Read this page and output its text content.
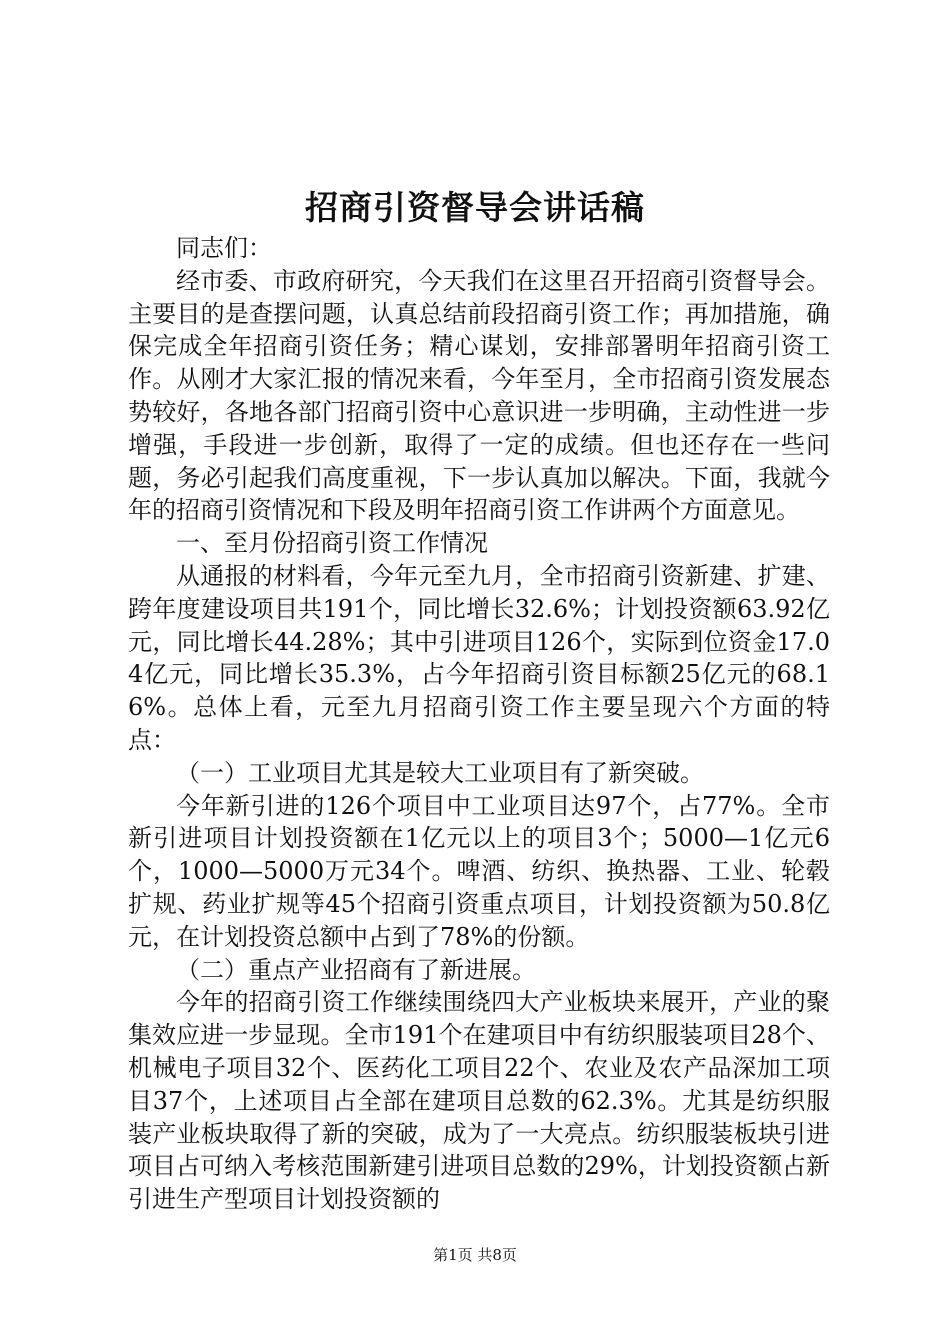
招商引资督导会讲话稿

同志们：

经市委、市政府研究，今天我们在这里召开招商引资督导会。主要目的是查摆问题，认真总结前段招商引资工作；再加措施，确保完成全年招商引资任务；精心谋划，安排部署明年招商引资工作。从刚才大家汇报的情况来看，今年至月，全市招商引资发展态势较好，各地各部门招商引资中心意识进一步明确，主动性进一步增强，手段进一步创新，取得了一定的成绩。但也还存在一些问题，务必引起我们高度重视，下一步认真加以解决。下面，我就今年的招商引资情况和下段及明年招商引资工作讲两个方面意见。

一、至月份招商引资工作情况

从通报的材料看，今年元至九月，全市招商引资新建、扩建、跨年度建设项目共191个，同比增长32.6%；计划投资额63.92亿元，同比增长44.28%；其中引进项目126个，实际到位资金17.04亿元，同比增长35.3%，占今年招商引资目标额25亿元的68.16%。总体上看，元至九月招商引资工作主要呈现六个方面的特点：

（一）工业项目尤其是较大工业项目有了新突破。

今年新引进的126个项目中工业项目达97个，占77%。全市新引进项目计划投资额在1亿元以上的项目3个；5000—1亿元6个，1000—5000万元34个。啤酒、纺织、换热器、工业、轮毂扩规、药业扩规等45个招商引资重点项目，计划投资额为50.8亿元，在计划投资总额中占到了78%的份额。

（二）重点产业招商有了新进展。

今年的招商引资工作继续围绕四大产业板块来展开，产业的聚集效应进一步显现。全市191个在建项目中有纺织服装项目28个、机械电子项目32个、医药化工项目22个、农业及农产品深加工项目37个，上述项目占全部在建项目总数的62.3%。尤其是纺织服装产业板块取得了新的突破，成为了一大亮点。纺织服装板块引进项目占可纳入考核范围新建引进项目总数的29%，计划投资额占新引进生产型项目计划投资额的

第1页 共8页
